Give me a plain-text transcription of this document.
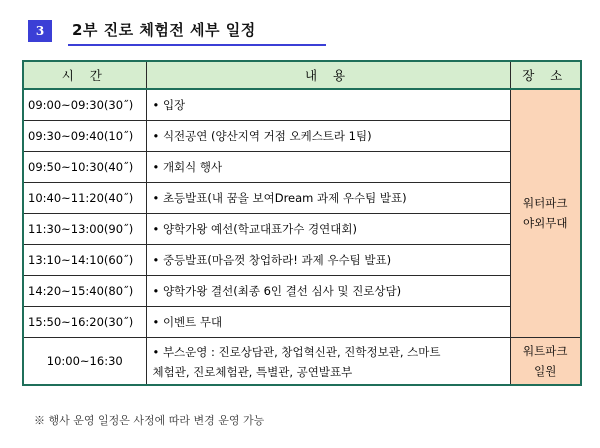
3	2부 진로 체험전 세부 일정
시 간	내 용	장 소
09:00~09:30(30˝)	• 입장	워터파크
야외무대
09:30~09:40(10˝)	• 식전공연 (양산지역 거점 오케스트라 1팀)	
09:50~10:30(40˝)	• 개회식 행사	
10:40~11:20(40˝)	• 초등발표(내 꿈을 보여Dream 과제 우수팀 발표)	
11:30~13:00(90˝)	• 양학가왕 예선(학교대표가수 경연대회)	
13:10~14:10(60˝)	• 중등발표(마음껏 창업하라! 과제 우수팀 발표)	
14:20~15:40(80˝)	• 양학가왕 결선(최종 6인 결선 심사 및 진로상담)	
15:50~16:20(30˝)	• 이벤트 무대	
10:00~16:30	• 부스운영 : 진로상담관, 창업혁신관, 진학정보관, 스마트
체험관, 진로체험관, 특별관, 공연발표부	워트파크
일원
※ 행사 운영 일정은 사정에 따라 변경 운영 가능
